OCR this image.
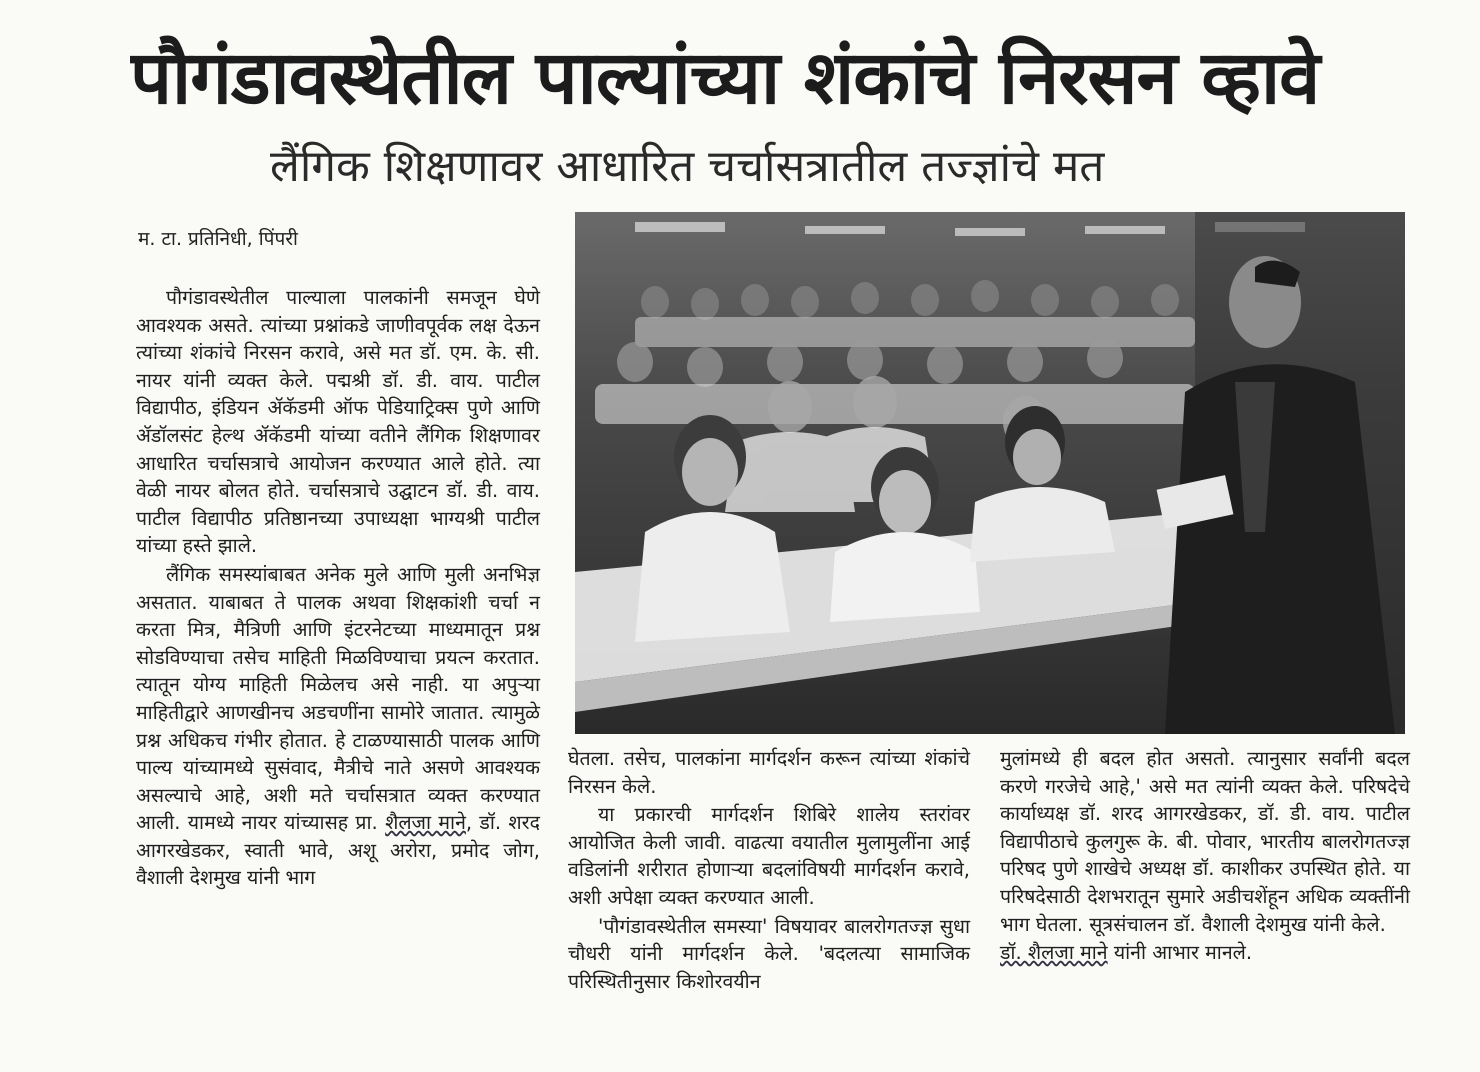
पौगंडावस्थेतील पाल्यांच्या शंकांचे निरसन व्हावे
लैंगिक शिक्षणावर आधारित चर्चासत्रातील तज्ज्ञांचे मत
म. टा. प्रतिनिधी, पिंपरी

पौगंडावस्थेतील पाल्याला पालकांनी समजून घेणे आवश्यक असते. त्यांच्या प्रश्नांकडे जाणीवपूर्वक लक्ष देऊन त्यांच्या शंकांचे निरसन करावे, असे मत डॉ. एम. के. सी. नायर यांनी व्यक्त केले. पद्मश्री डॉ. डी. वाय. पाटील विद्यापीठ, इंडियन ॲकॅडमी ऑफ पेडियाट्रिक्स पुणे आणि ॲडॉलसंट हेल्थ ॲकॅडमी यांच्या वतीने लैंगिक शिक्षणावर आधारित चर्चासत्राचे आयोजन करण्यात आले होते. त्या वेळी नायर बोलत होते. चर्चासत्राचे उद्घाटन डॉ. डी. वाय. पाटील विद्यापीठ प्रतिष्ठानच्या उपाध्यक्षा भाग्यश्री पाटील यांच्या हस्ते झाले.

लैंगिक समस्यांबाबत अनेक मुले आणि मुली अनभिज्ञ असतात. याबाबत ते पालक अथवा शिक्षकांशी चर्चा न करता मित्र, मैत्रिणी आणि इंटरनेटच्या माध्यमातून प्रश्न सोडविण्याचा तसेच माहिती मिळविण्याचा प्रयत्न करतात. त्यातून योग्य माहिती मिळेलच असे नाही. या अपुऱ्या माहितीद्वारे आणखीनच अडचणींना सामोरे जातात. त्यामुळे प्रश्न अधिकच गंभीर होतात. हे टाळण्यासाठी पालक आणि पाल्य यांच्यामध्ये सुसंवाद, मैत्रीचे नाते असणे आवश्यक असल्याचे आहे, अशी मते चर्चासत्रात व्यक्त करण्यात आली. यामध्ये नायर यांच्यासह प्रा. शैलजा माने, डॉ. शरद आगरखेडकर, स्वाती भावे, अशू अरोरा, प्रमोद जोग, वैशाली देशमुख यांनी भाग

घेतला. तसेच, पालकांना मार्गदर्शन करून त्यांच्या शंकांचे निरसन केले.

या प्रकारची मार्गदर्शन शिबिरे शालेय स्तरांवर आयोजित केली जावी. वाढत्या वयातील मुलामुलींना आई वडिलांनी शरीरात होणाऱ्या बदलांविषयी मार्गदर्शन करावे, अशी अपेक्षा व्यक्त करण्यात आली.

'पौगंडावस्थेतील समस्या' विषयावर बालरोगतज्ज्ञ सुधा चौधरी यांनी मार्गदर्शन केले. 'बदलत्या सामाजिक परिस्थितीनुसार किशोरवयीन

मुलांमध्ये ही बदल होत असतो. त्यानुसार सर्वांनी बदल करणे गरजेचे आहे,' असे मत त्यांनी व्यक्त केले. परिषदेचे कार्याध्यक्ष डॉ. शरद आगरखेडकर, डॉ. डी. वाय. पाटील विद्यापीठाचे कुलगुरू के. बी. पोवार, भारतीय बालरोगतज्ज्ञ परिषद पुणे शाखेचे अध्यक्ष डॉ. काशीकर उपस्थित होते. या परिषदेसाठी देशभरातून सुमारे अडीचशेंहून अधिक व्यक्तींनी भाग घेतला. सूत्रसंचालन डॉ. वैशाली देशमुख यांनी केले.

डॉ. शैलजा माने यांनी आभार मानले.
